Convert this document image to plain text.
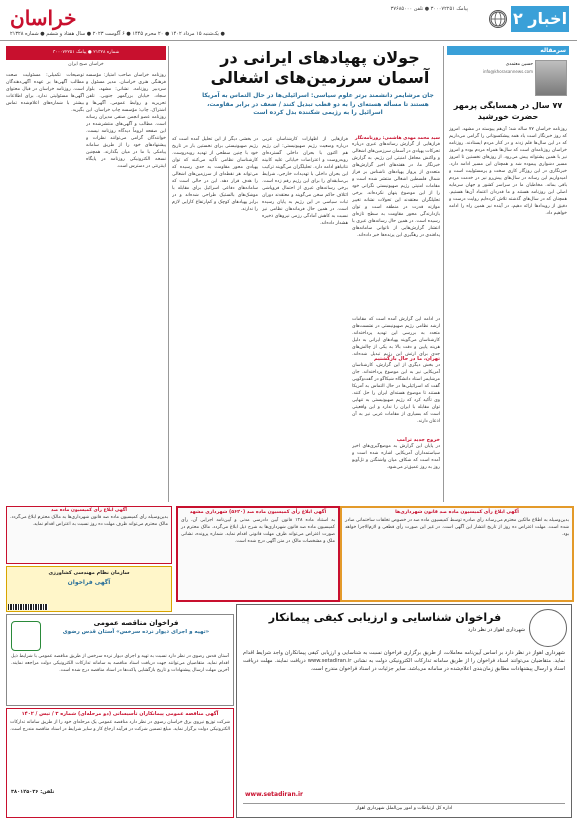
خراسان	پیامک ۳۰۰۰۷۲۲۵۱ ● تلفن ۳۷۶۸۵۰۰۰
● یک‌شنبه ۱۵ مرداد ۱۴۰۲ ● ۲۰ محرم ۱۴۴۵ ● ۶ آگوست ۲۰۲۳ ● سال هفتاد و ششم ● شماره ۲۱۳۲۸
۲ اخبار
سرمقاله
حسین معتمدی
info@khorasannews.com
۷۷ سال در همسایگی پرمهر حضرت خورشید
روزنامه خراسان ۷۷ ساله شد؛ آن‌هم پیوسته در مشهد. امروز که روز خبرنگار است یاد همه پیشکسوتانی را گرامی می‌داریم که در این سال‌ها قلم زدند و در کنار مردم ایستادند. روزنامه خراسان روزنامه‌ای است که سال‌ها همراه مردم بوده و امروز نیز با همین پشتوانه پیش می‌رود. از روزهای نخستین تا امروز مسیر دشواری پیموده شد و همچنان این مسیر ادامه دارد. خبرنگاری در این روزگار کاری سخت و پرمسئولیت است و امیدواریم این رسانه در سال‌های پیش‌رو نیز در خدمت مردم باقی بماند. مخاطبان ما در سراسر کشور و جهان سرمایه اصلی این روزنامه هستند و ما قدردان اعتماد آن‌ها هستیم. همچنان که در سال‌های گذشته تلاش کرده‌ایم روایت درست و دقیق از رویدادها ارائه دهیم، در آینده نیز همین راه را ادامه خواهیم داد.
جولان پهپادهای ایرانی در آسمان سرزمین‌های اشغالی
جان مرشایمر دانشمند برتر علوم سیاسی: اسرائیلی‌ها در حال التماس به آمریکا هستند تا مسأله هسته‌ای را به دو قطب تبدیل کنند / ضعف در برابر مقاومت، اسرائیل را به رژیمی شکننده بدل کرده است
سید محمد مهدی هاشمی: روزنامه‌نگار
فرازهایی از گزارش رسانه‌های عبری درباره تحرکات پهپادی در آسمان سرزمین‌های اشغالی و واکنش محافل امنیتی این رژیم. به گزارش خبرنگار ما، در هفته‌های اخیر گزارش‌های متعددی از پرواز پهپادهای ناشناس بر فراز شمال فلسطین اشغالی منتشر شده است و مقامات امنیتی رژیم صهیونیستی نگرانی خود را از این موضوع پنهان نکرده‌اند. برخی تحلیلگران معتقدند این تحولات نشانه تغییر موازنه قدرت در منطقه است و توان بازدارندگی محور مقاومت به سطح تازه‌ای رسیده است. در همین حال رسانه‌های عبری با انتشار گزارش‌هایی از ناتوانی سامانه‌های پدافندی در رهگیری این پرنده‌ها خبر داده‌اند.
در ادامه این گزارش آمده است که مقامات ارشد نظامی رژیم صهیونیستی در نشست‌های متعدد به بررسی این تهدید پرداخته‌اند. کارشناسان می‌گویند پهپادهای ایرانی به دلیل هزینه پایین و دقت بالا به یکی از چالش‌های جدی برای ارتش این رژیم تبدیل شده‌اند.
تهران، ما در حال بازگشتیم
در بخش دیگری از این گزارش، کارشناسان آمریکایی نیز به این موضوع پرداخته‌اند. جان مرشایمر استاد دانشگاه شیکاگو در گفت‌وگویی گفت که اسرائیلی‌ها در حال التماس به آمریکا هستند تا موضوع هسته‌ای ایران را حل کنند. وی تأکید کرد که رژیم صهیونیستی به تنهایی توان مقابله با ایران را ندارد و این واقعیتی است که بسیاری از مقامات غربی نیز به آن اذعان دارند.
خروج جدید ترامپ
در پایان این گزارش به موضع‌گیری‌های اخیر سیاستمداران آمریکایی اشاره شده است و آمده است که شکاف میان واشنگتن و تل‌آویو روز به روز عمیق‌تر می‌شود.
فرازهایی از اظهارات کارشناسان غربی درباره وضعیت رژیم صهیونیستی: این رژیم هم اکنون با بحران داخلی گسترده‌ای روبه‌روست و اعتراضات خیابانی علیه کابینه نتانیاهو ادامه دارد. تحلیلگران می‌گویند ترکیب این بحران داخلی با تهدیدات خارجی، شرایط بی‌سابقه‌ای را برای این رژیم رقم زده است. برخی رسانه‌های عبری از احتمال فروپاشی ائتلاف حاکم سخن می‌گویند و معتقدند دوران ثبات سیاسی در این رژیم به پایان رسیده است. در همین حال فرماندهان نظامی نیز نسبت به کاهش آمادگی رزمی نیروهای ذخیره هشدار داده‌اند.
در بخشی دیگر از این تحلیل آمده است که رژیم صهیونیستی برای نخستین بار در تاریخ خود با چنین سطحی از تهدید روبه‌روست. کارشناسان نظامی تأکید می‌کنند که توان پهپادی محور مقاومت به حدی رسیده که می‌تواند هر نقطه‌ای از سرزمین‌های اشغالی را هدف قرار دهد. این در حالی است که سامانه‌های دفاعی اسرائیل برای مقابله با موشک‌های بالستیک طراحی شده‌اند و در برابر پهپادهای کوچک و کم‌ارتفاع کارایی لازم را ندارند.
شماره ۲۱۳۲۸ ● پیامک ۳۰۰۰۷۲۲۵۱
خراسان صبح ایران
روزنامه خراسان صاحب امتیاز: مؤسسه فرهنگی هنری خراسان. مدیر مسئول و سردبیر روزنامه. نشانی: مشهد، بلوار سجاد، خیابان بزرگمهر جنوبی. تلفن تحریریه و روابط عمومی. آگهی‌ها و اشتراک. چاپ: مؤسسه چاپ خراسان. این روزنامه عضو انجمن صنفی مدیران رسانه است. مطالب و آگهی‌های منتشرشده در این صفحه لزوماً دیدگاه روزنامه نیست. خوانندگان گرامی می‌توانند نظرات و پیشنهادهای خود را از طریق سامانه پیامکی با ما در میان بگذارند. همچنین نسخه الکترونیکی روزنامه در پایگاه اینترنتی در دسترس است.
توضیحات تکمیلی: مسئولیت صحت مطالب آگهی‌ها بر عهده آگهی‌دهندگان است. روزنامه خراسان در قبال محتوای آگهی‌ها مسئولیتی ندارد. برای اطلاعات بیشتر با شماره‌های اعلام‌شده تماس بگیرید.
آگهی ابلاغ رأی کمیسیون ماده صد (۵۶۲۰) شهرداری مشهد
به استناد ماده ۱۲۸ قانون آیین دادرسی مدنی و آیین‌نامه اجرایی آن، رأی کمیسیون ماده صد قانون شهرداری‌ها به شرح ذیل ابلاغ می‌گردد. مالک محترم در صورت اعتراض می‌تواند ظرف مهلت قانونی اقدام نماید. شماره پرونده، نشانی ملک و مشخصات مالک در متن آگهی درج شده است.
آگهی ابلاغ رأی کمیسیون ماده صد قانون شهرداری‌ها
بدین‌وسیله به اطلاع مالکین محترم می‌رساند رأی صادره توسط کمیسیون ماده صد در خصوص تخلفات ساختمانی صادر شده است. مهلت اعتراض ده روز از تاریخ انتشار این آگهی است. در غیر این صورت رأی قطعی و لازم‌الاجرا خواهد بود.
آگهی ابلاغ رأی کمیسیون ماده صد
بدین‌وسیله رأی کمیسیون ماده صد قانون شهرداری‌ها به مالک محترم ابلاغ می‌گردد. مالک محترم می‌تواند ظرف مهلت ده روز نسبت به اعتراض اقدام نماید.
سازمان نظام مهندسی کشاورزی
آگهی فراخوان
فراخوان شناسایی و ارزیابی کیفی پیمانکار
شهرداری اهواز در نظر دارد
شهرداری اهواز در نظر دارد بر اساس آیین‌نامه معاملات، از طریق برگزاری فراخوان نسبت به شناسایی و ارزیابی کیفی پیمانکاران واجد شرایط اقدام نماید. متقاضیان می‌توانند اسناد فراخوان را از طریق سامانه تدارکات الکترونیکی دولت به نشانی www.setadiran.ir دریافت نمایند. مهلت دریافت اسناد و ارسال پیشنهادات مطابق زمان‌بندی اعلام‌شده در سامانه می‌باشد. سایر جزئیات در اسناد فراخوان مندرج است.
www.setadiran.ir
اداره کل ارتباطات و امور بین‌الملل شهرداری اهواز
فراخوان مناقصه عمومی
«تهیه و اجرای دیوار نرده سرخس» آستان قدس رضوی
آستان قدس رضوی در نظر دارد نسبت به تهیه و اجرای دیوار نرده سرخس از طریق مناقصه عمومی با شرایط ذیل اقدام نماید. متقاضیان می‌توانند جهت دریافت اسناد مناقصه به سامانه تدارکات الکترونیکی دولت مراجعه نمایند. آخرین مهلت ارسال پیشنهادات و تاریخ بازگشایی پاکت‌ها در اسناد مناقصه درج شده است.
آگهی مناقصه عمومی پیمانکاران تأسیساتی (دو مرحله‌ای) شماره ۳ / تیس / ۱۴۰۲
شرکت توزیع نیروی برق خراسان رضوی در نظر دارد مناقصه عمومی یک مرحله‌ای خود را از طریق سامانه تدارکات الکترونیکی دولت برگزار نماید. مبلغ تضمین شرکت در فرآیند ارجاع کار و سایر شرایط در اسناد مناقصه مندرج است.
تلفن: ۳۸۰۱۲۵۰۳۶
